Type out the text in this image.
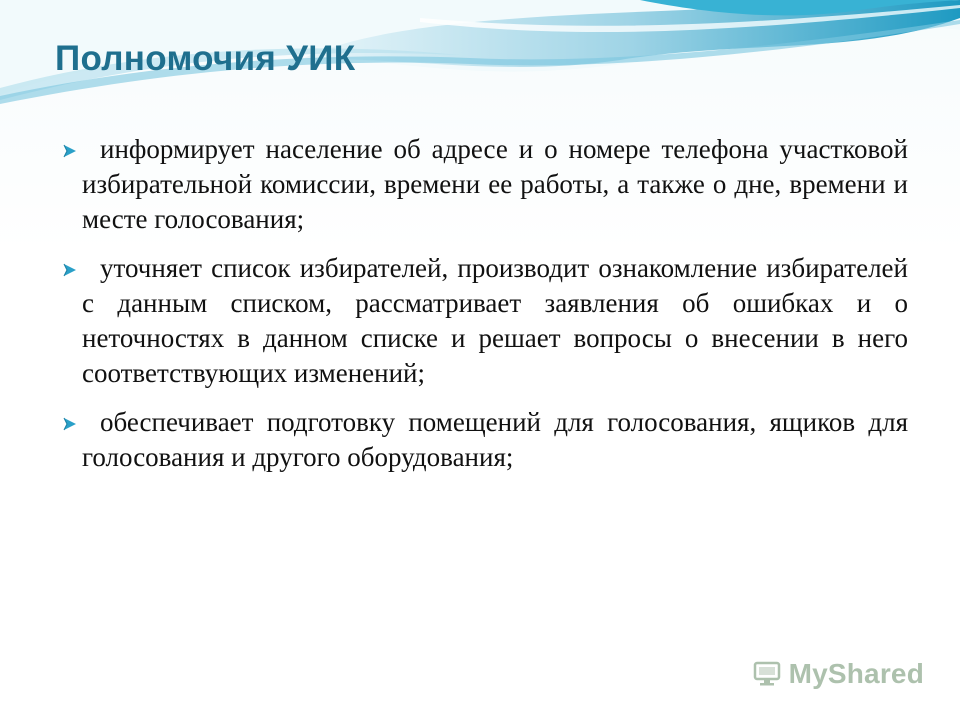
Полномочия УИК
информирует население об адресе и о номере телефона участковой избирательной комиссии, времени ее работы, а также о дне, времени и месте голосования;
уточняет список избирателей, производит ознакомление избирателей с данным списком, рассматривает заявления об ошибках и о неточностях в данном списке и решает вопросы о внесении в него соответствующих изменений;
обеспечивает подготовку помещений для голосования, ящиков для голосования и другого оборудования;
MyShared
